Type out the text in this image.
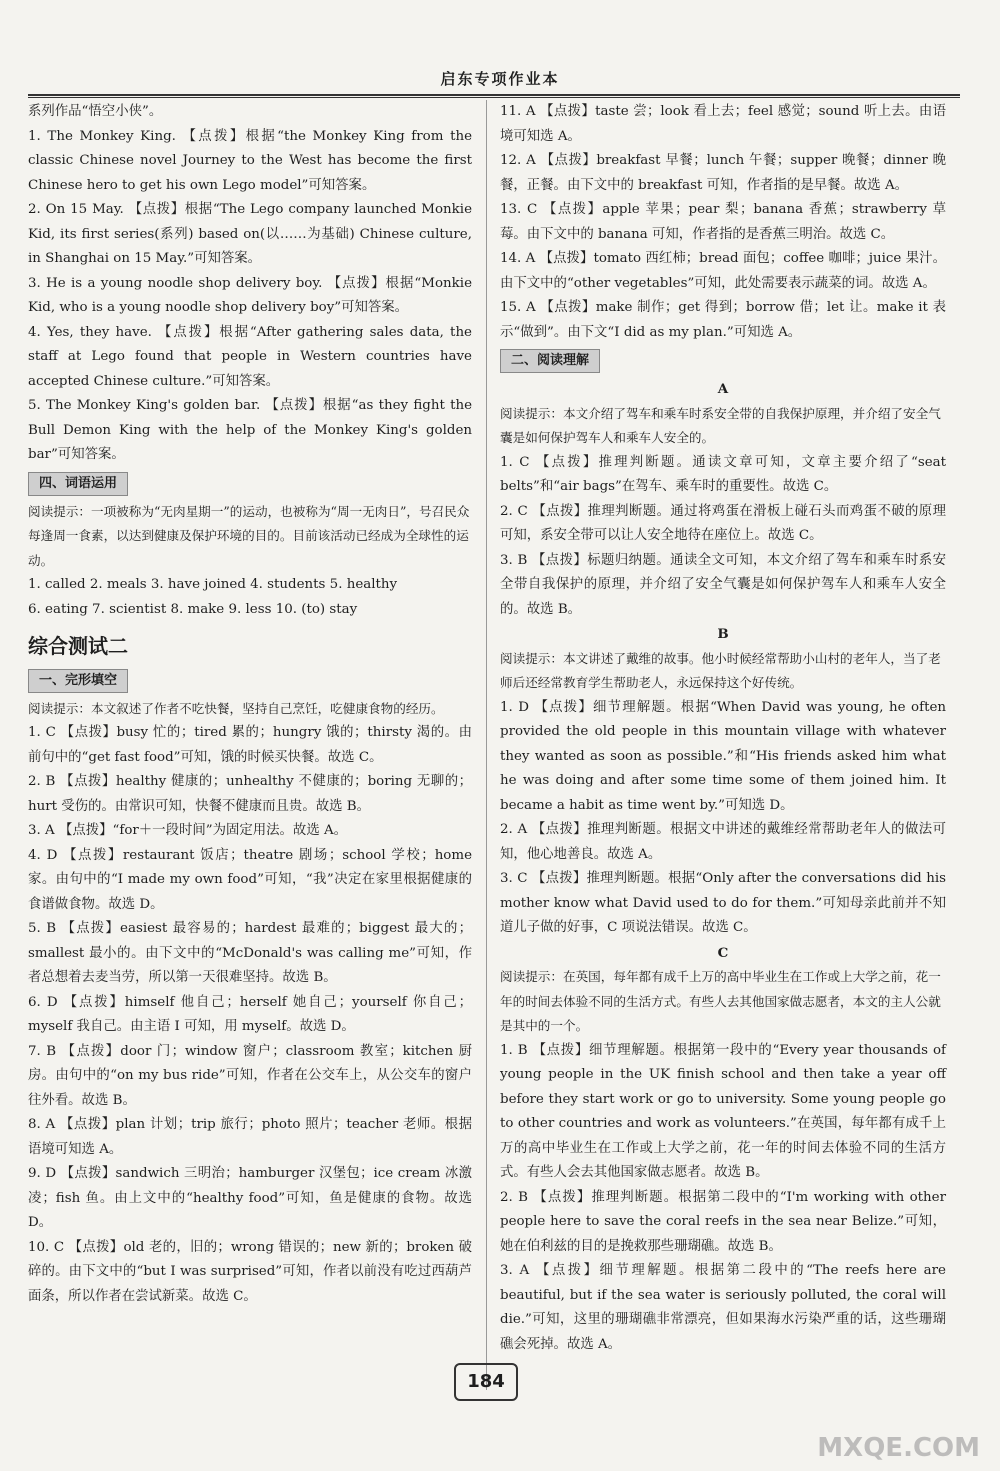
启东专项作业本

系列作品“悟空小侠”。

1. The Monkey King. 【点拨】根据“the Monkey King from the classic Chinese novel Journey to the West has become the first Chinese hero to get his own Lego model”可知答案。

2. On 15 May. 【点拨】根据“The Lego company launched Monkie Kid, its first series(系列) based on(以……为基础) Chinese culture, in Shanghai on 15 May.”可知答案。

3. He is a young noodle shop delivery boy. 【点拨】根据“Monkie Kid, who is a young noodle shop delivery boy”可知答案。

4. Yes, they have. 【点拨】根据“After gathering sales data, the staff at Lego found that people in Western countries have accepted Chinese culture.”可知答案。

5. The Monkey King's golden bar. 【点拨】根据“as they fight the Bull Demon King with the help of the Monkey King's golden bar”可知答案。

四、词语运用

阅读提示：一项被称为“无肉星期一”的运动，也被称为“周一无肉日”，号召民众每逢周一食素，以达到健康及保护环境的目的。目前该活动已经成为全球性的运动。

1. called 2. meals 3. have joined 4. students 5. healthy

6. eating 7. scientist 8. make 9. less 10. (to) stay

综合测试二
一、完形填空

阅读提示：本文叙述了作者不吃快餐，坚持自己烹饪，吃健康食物的经历。

1. C 【点拨】busy 忙的；tired 累的；hungry 饿的；thirsty 渴的。由前句中的“get fast food”可知，饿的时候买快餐。故选 C。

2. B 【点拨】healthy 健康的；unhealthy 不健康的；boring 无聊的；hurt 受伤的。由常识可知，快餐不健康而且贵。故选 B。

3. A 【点拨】“for＋一段时间”为固定用法。故选 A。

4. D 【点拨】restaurant 饭店；theatre 剧场；school 学校；home 家。由句中的“I made my own food”可知，“我”决定在家里根据健康的食谱做食物。故选 D。

5. B 【点拨】easiest 最容易的；hardest 最难的；biggest 最大的；smallest 最小的。由下文中的“McDonald's was calling me”可知，作者总想着去麦当劳，所以第一天很难坚持。故选 B。

6. D 【点拨】himself 他自己；herself 她自己；yourself 你自己；myself 我自己。由主语 I 可知，用 myself。故选 D。

7. B 【点拨】door 门；window 窗户；classroom 教室；kitchen 厨房。由句中的“on my bus ride”可知，作者在公交车上，从公交车的窗户往外看。故选 B。

8. A 【点拨】plan 计划；trip 旅行；photo 照片；teacher 老师。根据语境可知选 A。

9. D 【点拨】sandwich 三明治；hamburger 汉堡包；ice cream 冰激凌；fish 鱼。由上文中的“healthy food”可知，鱼是健康的食物。故选 D。

10. C 【点拨】old 老的，旧的；wrong 错误的；new 新的；broken 破碎的。由下文中的“but I was surprised”可知，作者以前没有吃过西葫芦面条，所以作者在尝试新菜。故选 C。

11. A 【点拨】taste 尝；look 看上去；feel 感觉；sound 听上去。由语境可知选 A。

12. A 【点拨】breakfast 早餐；lunch 午餐；supper 晚餐；dinner 晚餐，正餐。由下文中的 breakfast 可知，作者指的是早餐。故选 A。

13. C 【点拨】apple 苹果；pear 梨；banana 香蕉；strawberry 草莓。由下文中的 banana 可知，作者指的是香蕉三明治。故选 C。

14. A 【点拨】tomato 西红柿；bread 面包；coffee 咖啡；juice 果汁。由下文中的“other vegetables”可知，此处需要表示蔬菜的词。故选 A。

15. A 【点拨】make 制作；get 得到；borrow 借；let 让。make it 表示“做到”。由下文“I did as my plan.”可知选 A。

二、阅读理解

A

阅读提示：本文介绍了驾车和乘车时系安全带的自我保护原理，并介绍了安全气囊是如何保护驾车人和乘车人安全的。

1. C 【点拨】推理判断题。通读文章可知，文章主要介绍了“seat belts”和“air bags”在驾车、乘车时的重要性。故选 C。

2. C 【点拨】推理判断题。通过将鸡蛋在滑板上碰石头而鸡蛋不破的原理可知，系安全带可以让人安全地待在座位上。故选 C。

3. B 【点拨】标题归纳题。通读全文可知，本文介绍了驾车和乘车时系安全带自我保护的原理，并介绍了安全气囊是如何保护驾车人和乘车人安全的。故选 B。

B

阅读提示：本文讲述了戴维的故事。他小时候经常帮助小山村的老年人，当了老师后还经常教育学生帮助老人，永远保持这个好传统。

1. D 【点拨】细节理解题。根据“When David was young, he often provided the old people in this mountain village with whatever they wanted as soon as possible.”和“His friends asked him what he was doing and after some time some of them joined him. It became a habit as time went by.”可知选 D。

2. A 【点拨】推理判断题。根据文中讲述的戴维经常帮助老年人的做法可知，他心地善良。故选 A。

3. C 【点拨】推理判断题。根据“Only after the conversations did his mother know what David used to do for them.”可知母亲此前并不知道儿子做的好事，C 项说法错误。故选 C。

C

阅读提示：在英国，每年都有成千上万的高中毕业生在工作或上大学之前，花一年的时间去体验不同的生活方式。有些人去其他国家做志愿者，本文的主人公就是其中的一个。

1. B 【点拨】细节理解题。根据第一段中的“Every year thousands of young people in the UK finish school and then take a year off before they start work or go to university. Some young people go to other countries and work as volunteers.”在英国，每年都有成千上万的高中毕业生在工作或上大学之前，花一年的时间去体验不同的生活方式。有些人会去其他国家做志愿者。故选 B。

2. B 【点拨】推理判断题。根据第二段中的“I'm working with other people here to save the coral reefs in the sea near Belize.”可知，她在伯利兹的目的是挽救那些珊瑚礁。故选 B。

3. A 【点拨】细节理解题。根据第二段中的“The reefs here are beautiful, but if the sea water is seriously polluted, the coral will die.”可知，这里的珊瑚礁非常漂亮，但如果海水污染严重的话，这些珊瑚礁会死掉。故选 A。

184
MXQE.COM
